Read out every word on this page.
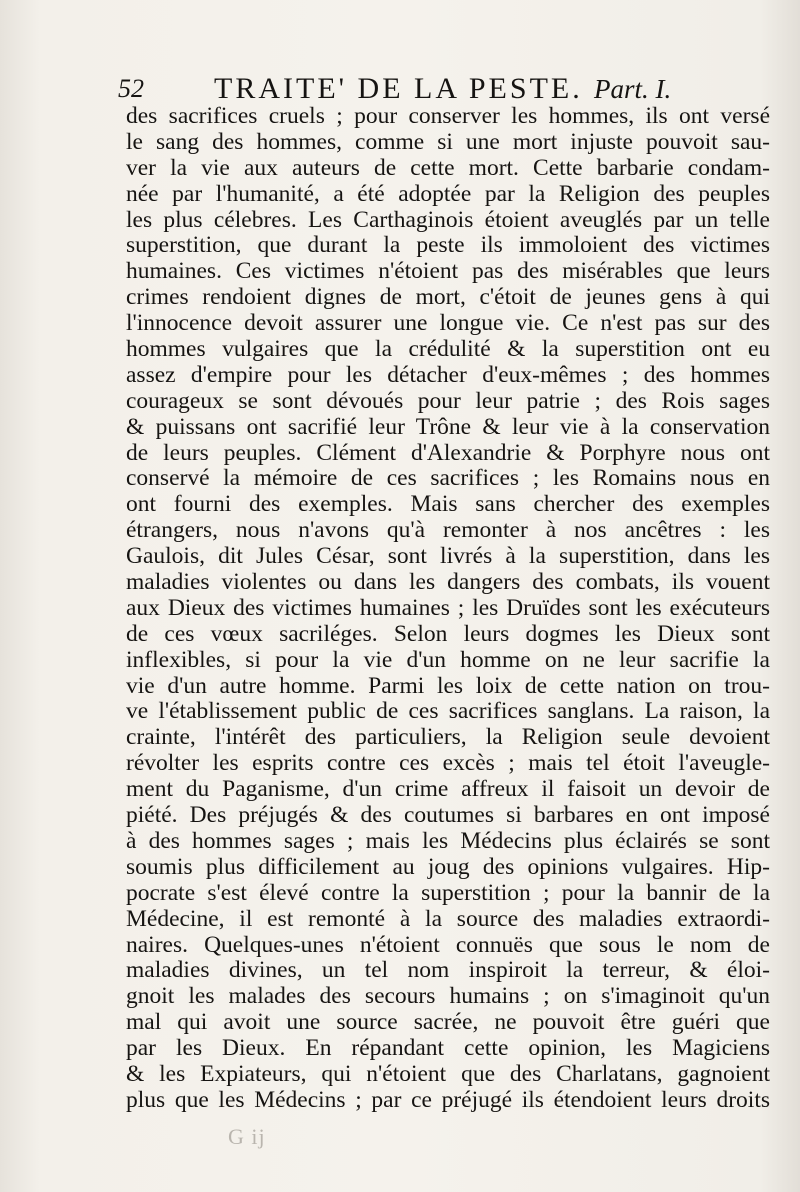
52 TRAITE' DE LA PESTE. Part. I.
des sacrifices cruels ; pour conserver les hommes, ils ont versé
le sang des hommes, comme si une mort injuste pouvoit sau-
ver la vie aux auteurs de cette mort. Cette barbarie condam-
née par l'humanité, a été adoptée par la Religion des peuples
les plus célebres. Les Carthaginois étoient aveuglés par un telle
superstition, que durant la peste ils immoloient des victimes
humaines. Ces victimes n'étoient pas des misérables que leurs
crimes rendoient dignes de mort, c'étoit de jeunes gens à qui
l'innocence devoit assurer une longue vie. Ce n'est pas sur des
hommes vulgaires que la crédulité & la superstition ont eu
assez d'empire pour les détacher d'eux-mêmes ; des hommes
courageux se sont dévoués pour leur patrie ; des Rois sages
& puissans ont sacrifié leur Trône & leur vie à la conservation
de leurs peuples. Clément d'Alexandrie & Porphyre nous ont
conservé la mémoire de ces sacrifices ; les Romains nous en
ont fourni des exemples. Mais sans chercher des exemples
étrangers, nous n'avons qu'à remonter à nos ancêtres : les
Gaulois, dit Jules César, sont livrés à la superstition, dans les
maladies violentes ou dans les dangers des combats, ils vouent
aux Dieux des victimes humaines ; les Druïdes sont les exécuteurs
de ces vœux sacriléges. Selon leurs dogmes les Dieux sont
inflexibles, si pour la vie d'un homme on ne leur sacrifie la
vie d'un autre homme. Parmi les loix de cette nation on trou-
ve l'établissement public de ces sacrifices sanglans. La raison, la
crainte, l'intérêt des particuliers, la Religion seule devoient
révolter les esprits contre ces excès ; mais tel étoit l'aveugle-
ment du Paganisme, d'un crime affreux il faisoit un devoir de
piété. Des préjugés & des coutumes si barbares en ont imposé
à des hommes sages ; mais les Médecins plus éclairés se sont
soumis plus difficilement au joug des opinions vulgaires. Hip-
pocrate s'est élevé contre la superstition ; pour la bannir de la
Médecine, il est remonté à la source des maladies extraordi-
naires. Quelques-unes n'étoient connuës que sous le nom de
maladies divines, un tel nom inspiroit la terreur, & éloi-
gnoit les malades des secours humains ; on s'imaginoit qu'un
mal qui avoit une source sacrée, ne pouvoit être guéri que
par les Dieux. En répandant cette opinion, les Magiciens
& les Expiateurs, qui n'étoient que des Charlatans, gagnoient
plus que les Médecins ; par ce préjugé ils étendoient leurs droits
G ij
